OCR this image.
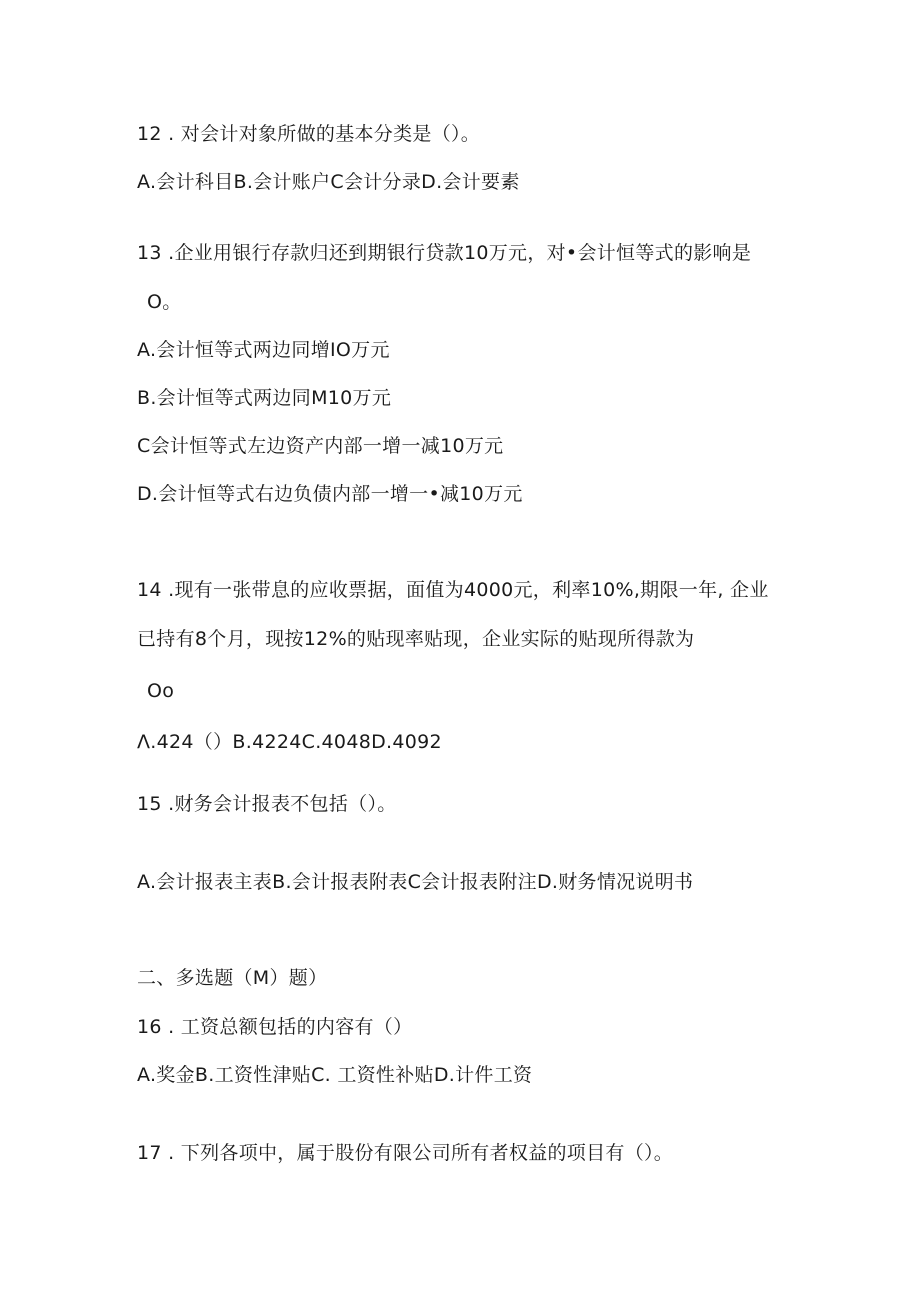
12 . 对会计对象所做的基本分类是（）。
A.会计科目B.会计账户C会计分录D.会计要素
13 .企业用银行存款归还到期银行贷款10万元，对•会计恒等式的影响是
O。
A.会计恒等式两边同增IO万元
B.会计恒等式两边同M10万元
C会计恒等式左边资产内部一增一减10万元
D.会计恒等式右边负债内部一增一•减10万元
14 .现有一张带息的应收票据，面值为4000元，利率10%,期限一年, 企业
已持有8个月，现按12%的贴现率贴现，企业实际的贴现所得款为
Oo
Λ.424（）B.4224C.4048D.4092
15 .财务会计报表不包括（）。
A.会计报表主表B.会计报表附表C会计报表附注D.财务情况说明书
二、多选题（M）题）
16 . 工资总额包括的内容有（）
A.奖金B.工资性津贴C. 工资性补贴D.计件工资
17 . 下列各项中，属于股份有限公司所有者权益的项目有（）。
